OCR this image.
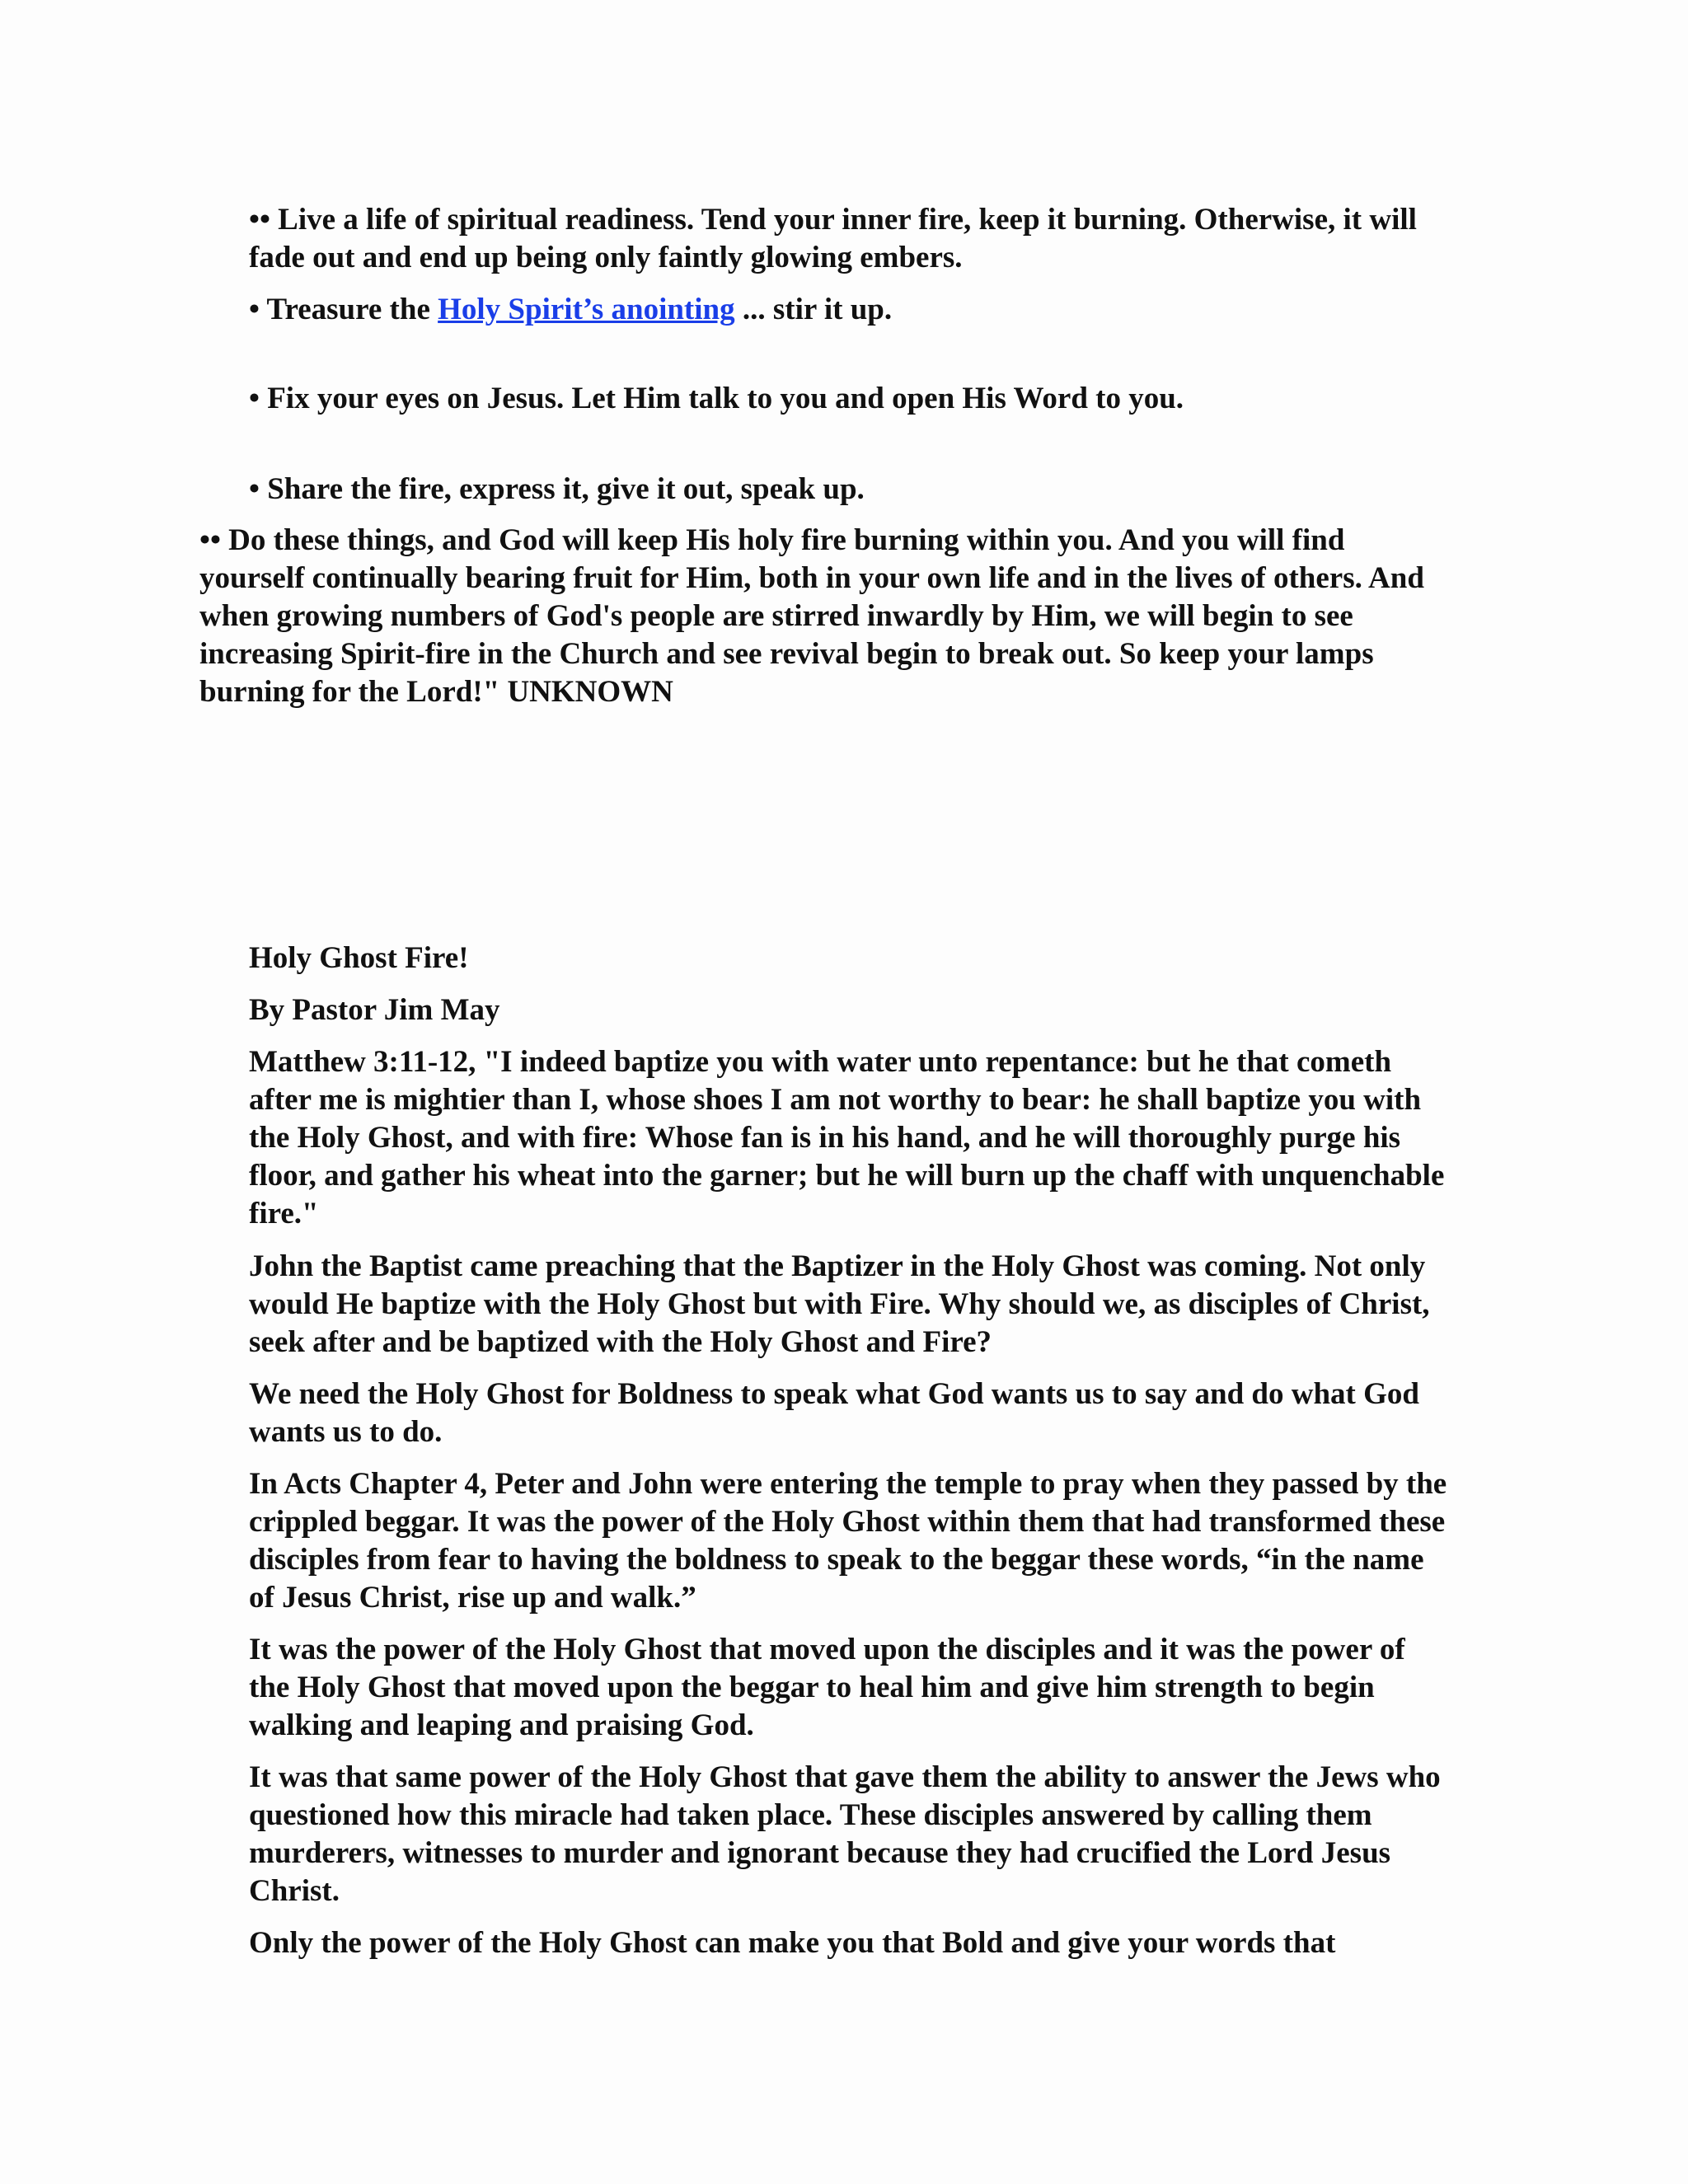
•• Live a life of spiritual readiness. Tend your inner fire, keep it burning. Otherwise, it will fade out and end up being only faintly glowing embers.

• Treasure the Holy Spirit’s anointing ... stir it up.

• Fix your eyes on Jesus. Let Him talk to you and open His Word to you.

• Share the fire, express it, give it out, speak up.

•• Do these things, and God will keep His holy fire burning within you. And you will find yourself continually bearing fruit for Him, both in your own life and in the lives of others. And when growing numbers of God's people are stirred inwardly by Him, we will begin to see increasing Spirit-fire in the Church and see revival begin to break out. So keep your lamps burning for the Lord!" UNKNOWN

Holy Ghost Fire!

By Pastor Jim May

Matthew 3:11-12, "I indeed baptize you with water unto repentance: but he that cometh after me is mightier than I, whose shoes I am not worthy to bear: he shall baptize you with the Holy Ghost, and with fire: Whose fan is in his hand, and he will thoroughly purge his floor, and gather his wheat into the garner; but he will burn up the chaff with unquenchable fire."

John the Baptist came preaching that the Baptizer in the Holy Ghost was coming. Not only would He baptize with the Holy Ghost but with Fire. Why should we, as disciples of Christ, seek after and be baptized with the Holy Ghost and Fire?

We need the Holy Ghost for Boldness to speak what God wants us to say and do what God wants us to do.

In Acts Chapter 4, Peter and John were entering the temple to pray when they passed by the crippled beggar. It was the power of the Holy Ghost within them that had transformed these disciples from fear to having the boldness to speak to the beggar these words, “in the name of Jesus Christ, rise up and walk.”

It was the power of the Holy Ghost that moved upon the disciples and it was the power of the Holy Ghost that moved upon the beggar to heal him and give him strength to begin walking and leaping and praising God.

It was that same power of the Holy Ghost that gave them the ability to answer the Jews who questioned how this miracle had taken place. These disciples answered by calling them murderers, witnesses to murder and ignorant because they had crucified the Lord Jesus Christ.

Only the power of the Holy Ghost can make you that Bold and give your words that
